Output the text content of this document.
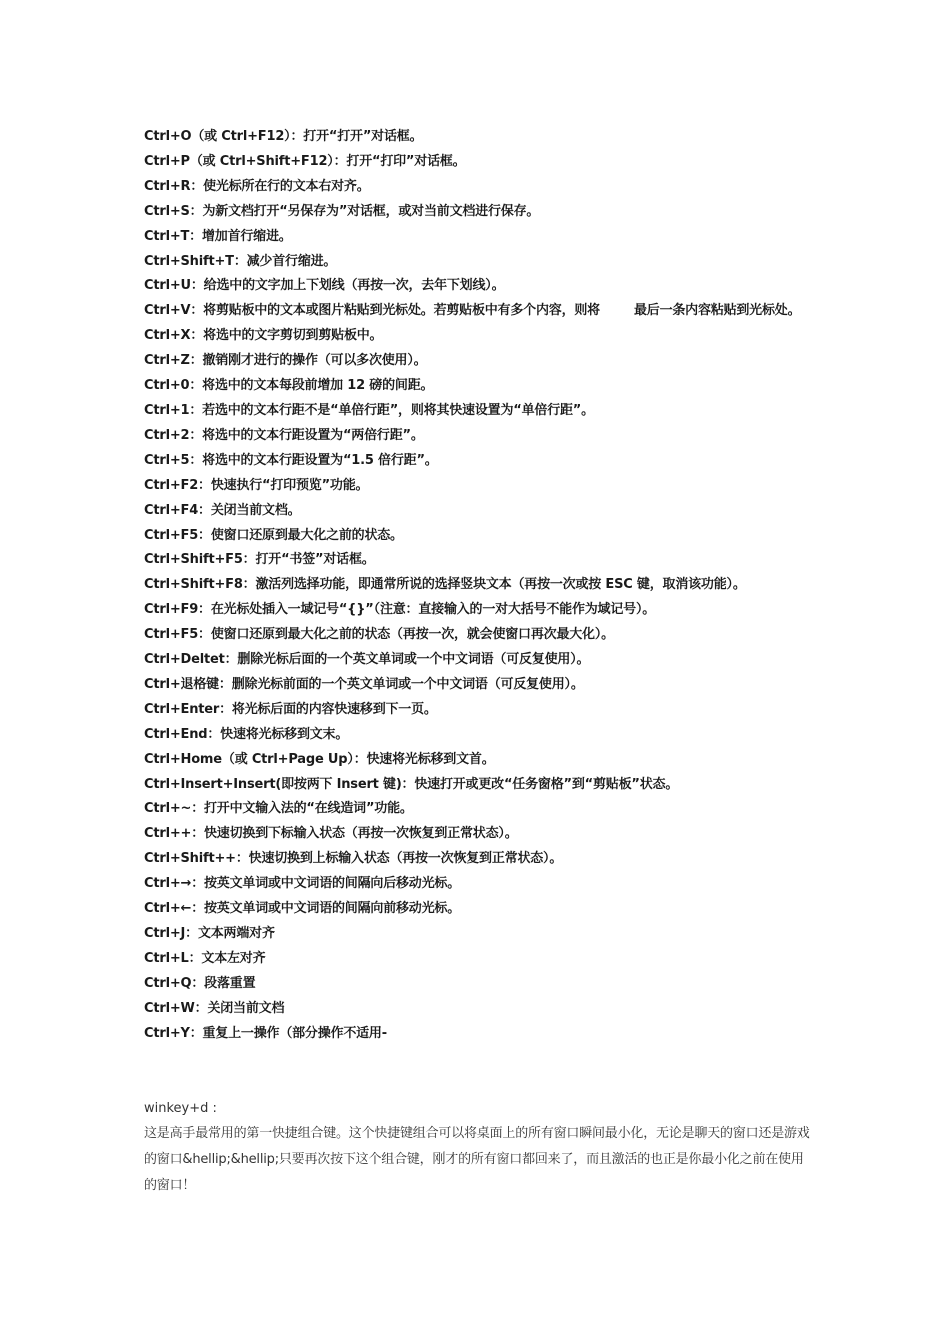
Ctrl+O（或 Ctrl+F12）：打开“打开”对话框。
Ctrl+P（或 Ctrl+Shift+F12）：打开“打印”对话框。
Ctrl+R：使光标所在行的文本右对齐。
Ctrl+S：为新文档打开“另保存为”对话框，或对当前文档进行保存。
Ctrl+T：增加首行缩进。
Ctrl+Shift+T：减少首行缩进。
Ctrl+U：给选中的文字加上下划线（再按一次，去年下划线）。
Ctrl+V：将剪贴板中的文本或图片粘贴到光标处。若剪贴板中有多个内容，则将	最后一条内容粘贴到光标处。
Ctrl+X：将选中的文字剪切到剪贴板中。
Ctrl+Z：撤销刚才进行的操作（可以多次使用）。
Ctrl+0：将选中的文本每段前增加 12 磅的间距。
Ctrl+1：若选中的文本行距不是“单倍行距”，则将其快速设置为“单倍行距”。
Ctrl+2：将选中的文本行距设置为“两倍行距”。
Ctrl+5：将选中的文本行距设置为“1.5 倍行距”。
Ctrl+F2：快速执行“打印预览”功能。
Ctrl+F4：关闭当前文档。
Ctrl+F5：使窗口还原到最大化之前的状态。
Ctrl+Shift+F5：打开“书签”对话框。
Ctrl+Shift+F8：激活列选择功能，即通常所说的选择竖块文本（再按一次或按 ESC 键，取消该功能）。
Ctrl+F9：在光标处插入一域记号“{}”（注意：直接输入的一对大括号不能作为域记号）。
Ctrl+F5：使窗口还原到最大化之前的状态（再按一次，就会使窗口再次最大化）。
Ctrl+Deltet：删除光标后面的一个英文单词或一个中文词语（可反复使用）。
Ctrl+退格键：删除光标前面的一个英文单词或一个中文词语（可反复使用）。
Ctrl+Enter：将光标后面的内容快速移到下一页。
Ctrl+End：快速将光标移到文末。
Ctrl+Home（或 Ctrl+Page Up）：快速将光标移到文首。
Ctrl+Insert+Insert(即按两下 Insert 键)：快速打开或更改“任务窗格”到“剪贴板”状态。
Ctrl+~：打开中文输入法的“在线造词”功能。
Ctrl++：快速切换到下标输入状态（再按一次恢复到正常状态）。
Ctrl+Shift++：快速切换到上标输入状态（再按一次恢复到正常状态）。
Ctrl+→：按英文单词或中文词语的间隔向后移动光标。
Ctrl+←：按英文单词或中文词语的间隔向前移动光标。
Ctrl+J：文本两端对齐
Ctrl+L：文本左对齐
Ctrl+Q：段落重置
Ctrl+W：关闭当前文档
Ctrl+Y：重复上一操作（部分操作不适用-
winkey+d :
这是高手最常用的第一快捷组合键。这个快捷键组合可以将桌面上的所有窗口瞬间最小化，无论是聊天的窗口还是游戏的窗口&hellip;&hellip;只要再次按下这个组合键，刚才的所有窗口都回来了，而且激活的也正是你最小化之前在使用的窗口！
